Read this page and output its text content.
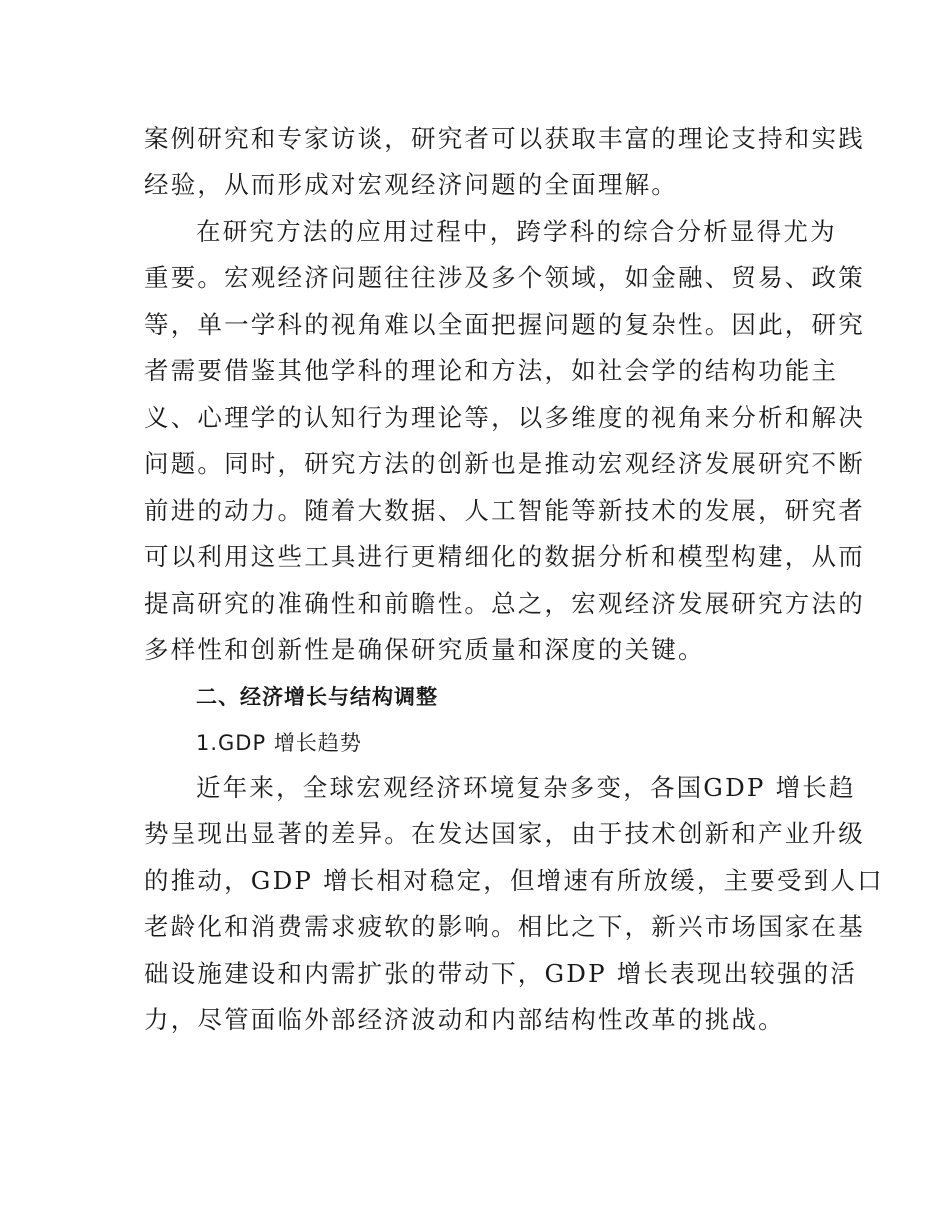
案例研究和专家访谈，研究者可以获取丰富的理论支持和实践
经验，从而形成对宏观经济问题的全面理解。
在研究方法的应用过程中，跨学科的综合分析显得尤为
重要。宏观经济问题往往涉及多个领域，如金融、贸易、政策
等，单一学科的视角难以全面把握问题的复杂性。因此，研究
者需要借鉴其他学科的理论和方法，如社会学的结构功能主
义、心理学的认知行为理论等，以多维度的视角来分析和解决
问题。同时，研究方法的创新也是推动宏观经济发展研究不断
前进的动力。随着大数据、人工智能等新技术的发展，研究者
可以利用这些工具进行更精细化的数据分析和模型构建，从而
提高研究的准确性和前瞻性。总之，宏观经济发展研究方法的
多样性和创新性是确保研究质量和深度的关键。
二、经济增长与结构调整
1.GDP 增长趋势
近年来，全球宏观经济环境复杂多变，各国GDP 增长趋
势呈现出显著的差异。在发达国家，由于技术创新和产业升级
的推动，GDP 增长相对稳定，但增速有所放缓，主要受到人口
老龄化和消费需求疲软的影响。相比之下，新兴市场国家在基
础设施建设和内需扩张的带动下，GDP 增长表现出较强的活
力，尽管面临外部经济波动和内部结构性改革的挑战。
